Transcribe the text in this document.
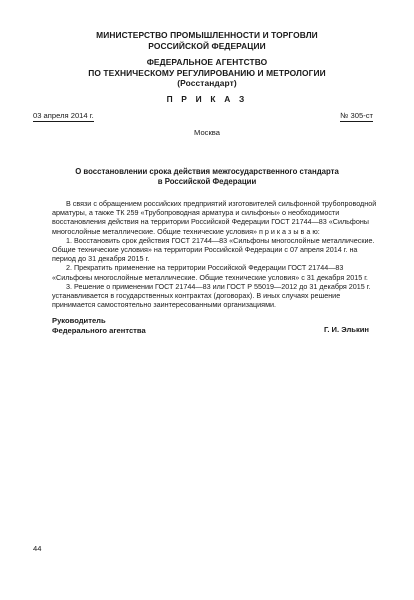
МИНИСТЕРСТВО ПРОМЫШЛЕННОСТИ И ТОРГОВЛИ
РОССИЙСКОЙ ФЕДЕРАЦИИ
ФЕДЕРАЛЬНОЕ АГЕНТСТВО
ПО ТЕХНИЧЕСКОМУ РЕГУЛИРОВАНИЮ И МЕТРОЛОГИИ
(Росстандарт)
П Р И К А З
03 апреля 2014 г.	№ 305-ст
Москва
О восстановлении срока действия межгосударственного стандарта
в Российской Федерации

В связи с обращением российских предприятий изготовителей сильфонной трубопроводной арматуры, а также ТК 259 «Трубопроводная арматура и сильфоны» о необходимости восстановления действия на территории Российской Федерации ГОСТ 21744—83 «Сильфоны многослойные металлические. Общие технические условия» п р и к а з ы в а ю:

1. Восстановить срок действия ГОСТ 21744—83 «Сильфоны многослойные металлические. Общие технические условия» на территории Российской Федерации с 07 апреля 2014 г. на период до 31 декабря 2015 г.

2. Прекратить применение на территории Российской Федерации ГОСТ 21744—83 «Сильфоны многослойные металлические. Общие технические условия» с 31 декабря 2015 г.

3. Решение о применении ГОСТ 21744—83 или ГОСТ Р 55019—2012 до 31 декабря 2015 г. устанавливается в государственных контрактах (договорах). В иных случаях решение принимается самостоятельно заинтересованными организациями.

Руководитель
Федерального агентства	Г. И. Элькин
44
